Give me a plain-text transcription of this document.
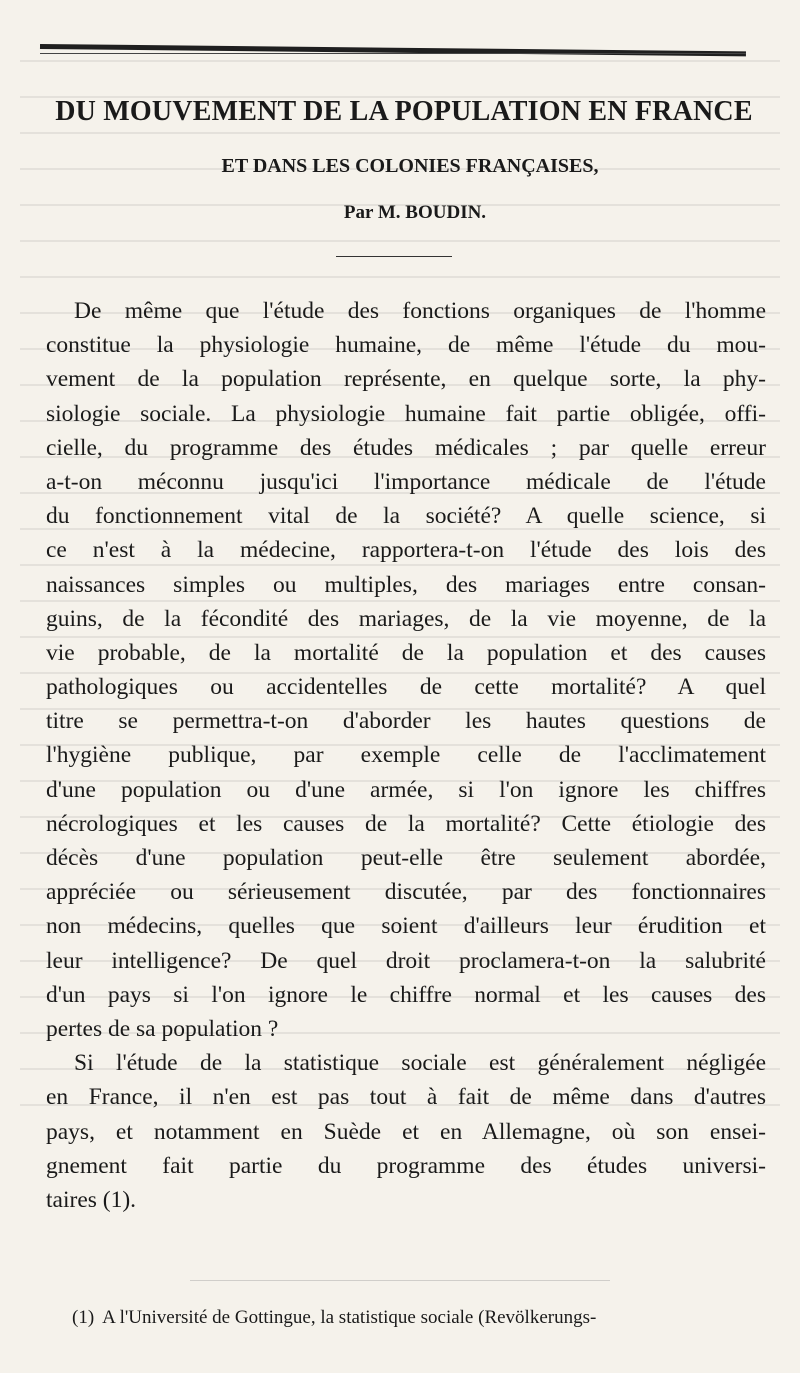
DU MOUVEMENT DE LA POPULATION EN FRANCE
ET DANS LES COLONIES FRANÇAISES,

Par M. BOUDIN.

De même que l'étude des fonctions organiques de l'homme
constitue la physiologie humaine, de même l'étude du mou-
vement de la population représente, en quelque sorte, la phy-
siologie sociale. La physiologie humaine fait partie obligée, offi-
cielle, du programme des études médicales ; par quelle erreur
a-t-on méconnu jusqu'ici l'importance médicale de l'étude
du fonctionnement vital de la société? A quelle science, si
ce n'est à la médecine, rapportera-t-on l'étude des lois des
naissances simples ou multiples, des mariages entre consan-
guins, de la fécondité des mariages, de la vie moyenne, de la
vie probable, de la mortalité de la population et des causes
pathologiques ou accidentelles de cette mortalité? A quel
titre se permettra-t-on d'aborder les hautes questions de
l'hygiène publique, par exemple celle de l'acclimatement
d'une population ou d'une armée, si l'on ignore les chiffres
nécrologiques et les causes de la mortalité? Cette étiologie des
décès d'une population peut-elle être seulement abordée,
appréciée ou sérieusement discutée, par des fonctionnaires
non médecins, quelles que soient d'ailleurs leur érudition et
leur intelligence? De quel droit proclamera-t-on la salubrité
d'un pays si l'on ignore le chiffre normal et les causes des
pertes de sa population ?
Si l'étude de la statistique sociale est généralement négligée
en France, il n'en est pas tout à fait de même dans d'autres
pays, et notamment en Suède et en Allemagne, où son ensei-
gnement fait partie du programme des études universi-
taires (1).

(1) A l'Université de Gottingue, la statistique sociale (Revölkerungs-
